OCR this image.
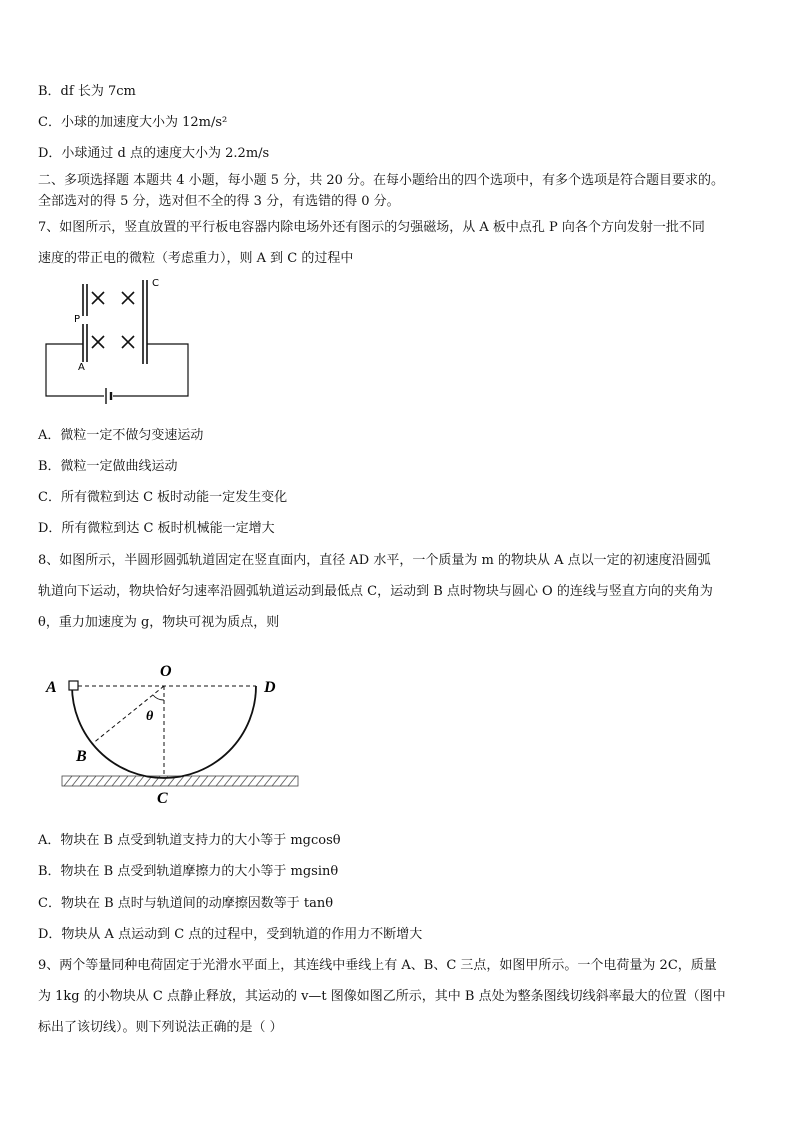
B．df 长为 7cm
C．小球的加速度大小为 12m/s²
D．小球通过 d 点的速度大小为 2.2m/s
二、多项选择题 本题共 4 小题，每小题 5 分，共 20 分。在每小题给出的四个选项中，有多个选项是符合题目要求的。
全部选对的得 5 分，选对但不全的得 3 分，有选错的得 0 分。
7、如图所示，竖直放置的平行板电容器内除电场外还有图示的匀强磁场，从 A 板中点孔 P 向各个方向发射一批不同
速度的带正电的微粒（考虑重力），则 A 到 C 的过程中
P
A
C
A．微粒一定不做匀变速运动
B．微粒一定做曲线运动
C．所有微粒到达 C 板时动能一定发生变化
D．所有微粒到达 C 板时机械能一定增大
8、如图所示，半圆形圆弧轨道固定在竖直面内，直径 AD 水平，一个质量为 m 的物块从 A 点以一定的初速度沿圆弧
轨道向下运动，物块恰好匀速率沿圆弧轨道运动到最低点 C，运动到 B 点时物块与圆心 O 的连线与竖直方向的夹角为
θ，重力加速度为 g，物块可视为质点，则
A
O
D
θ
B
C
A．物块在 B 点受到轨道支持力的大小等于 mgcosθ
B．物块在 B 点受到轨道摩擦力的大小等于 mgsinθ
C．物块在 B 点时与轨道间的动摩擦因数等于 tanθ
D．物块从 A 点运动到 C 点的过程中，受到轨道的作用力不断增大
9、两个等量同种电荷固定于光滑水平面上，其连线中垂线上有 A、B、C 三点，如图甲所示。一个电荷量为 2C，质量
为 1kg 的小物块从 C 点静止释放，其运动的 v—t 图像如图乙所示，其中 B 点处为整条图线切线斜率最大的位置（图中
标出了该切线）。则下列说法正确的是（ ）
